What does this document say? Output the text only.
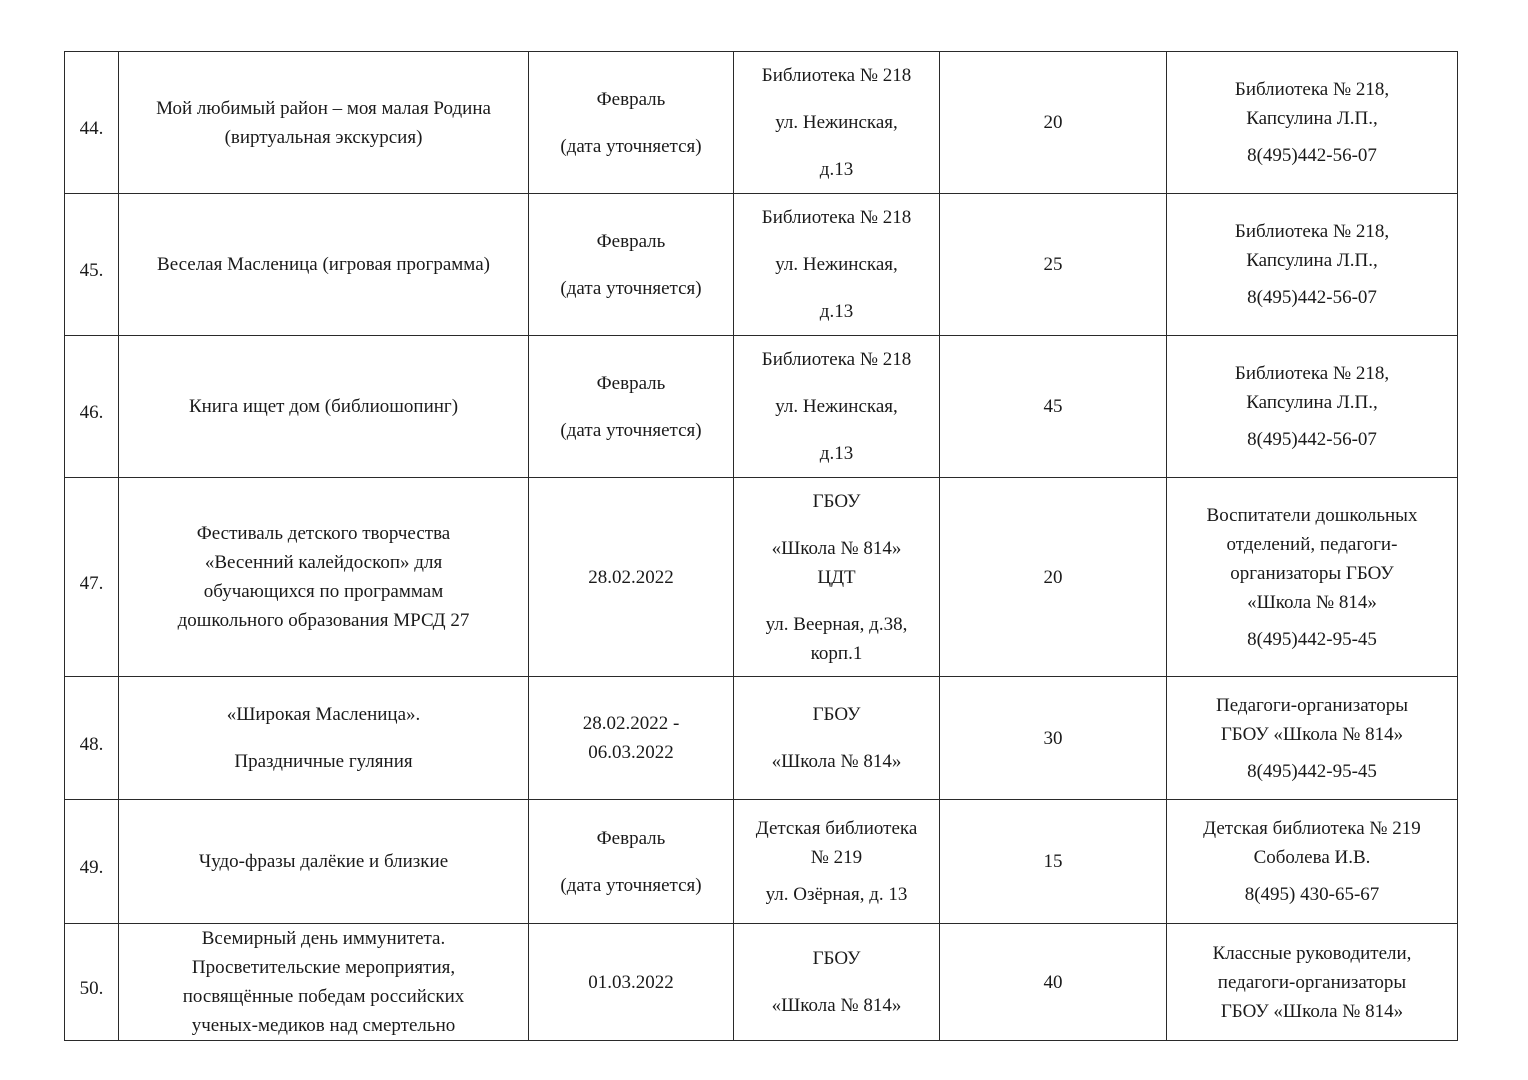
44.	Мой любимый район – моя малая Родина
(виртуальная экскурсия)	Февраль
(дата уточняется)	Библиотека № 218
ул. Нежинская,
д.13	20	Библиотека № 218,
Капсулина Л.П.,
8(495)442-56-07

45.	Веселая Масленица (игровая программа)	Февраль
(дата уточняется)	Библиотека № 218
ул. Нежинская,
д.13	25	Библиотека № 218,
Капсулина Л.П.,
8(495)442-56-07

46.	Книга ищет дом (библиошопинг)	Февраль
(дата уточняется)	Библиотека № 218
ул. Нежинская,
д.13	45	Библиотека № 218,
Капсулина Л.П.,
8(495)442-56-07

47.	Фестиваль детского творчества
«Весенний калейдоскоп» для
обучающихся по программам
дошкольного образования МРСД 27	28.02.2022	ГБОУ
«Школа № 814»
ЦДТ
ул. Веерная, д.38,
корп.1	20	Воспитатели дошкольных
отделений, педагоги-
организаторы ГБОУ
«Школа № 814»
8(495)442-95-45

48.	«Широкая Масленица».
Праздничные гуляния	28.02.2022 -
06.03.2022	ГБОУ
«Школа № 814»	30	Педагоги-организаторы
ГБОУ «Школа № 814»
8(495)442-95-45

49.	Чудо-фразы далёкие и близкие	Февраль
(дата уточняется)	Детская библиотека
№ 219
ул. Озёрная, д. 13	15	Детская библиотека № 219
Соболева И.В.
8(495) 430-65-67

50.	Всемирный день иммунитета.
Просветительские мероприятия,
посвящённые победам российских
ученых-медиков над смертельно	01.03.2022	ГБОУ
«Школа № 814»	40	Классные руководители,
педагоги-организаторы
ГБОУ «Школа № 814»
